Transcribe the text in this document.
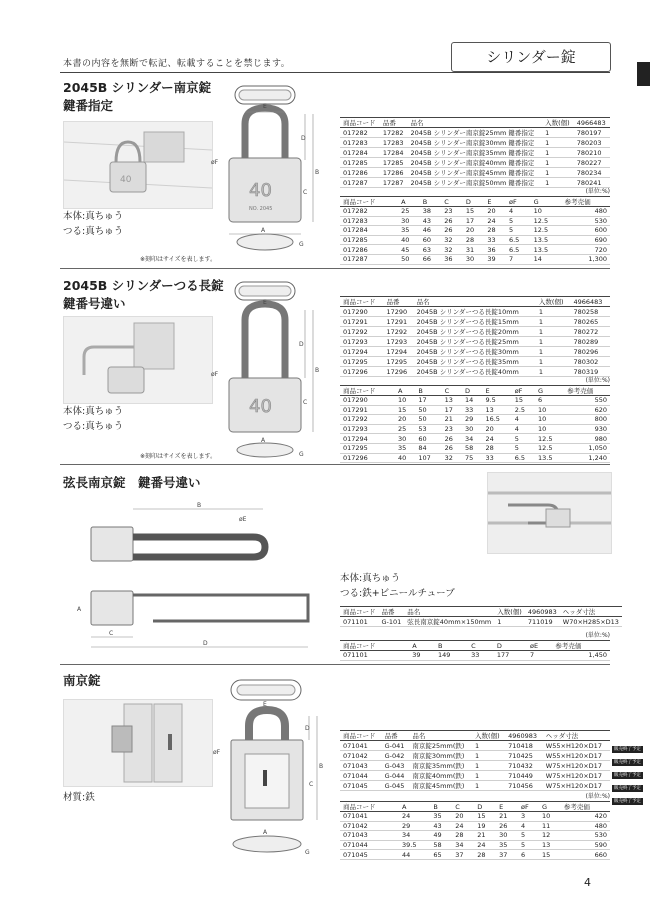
本書の内容を無断で転記、転載することを禁じます。	シリンダー錠
2045B シリンダー南京錠
鍵番指定
40
本体:真ちゅう
つる:真ちゅう
※刻印はサイズを表します。
40
NO. 2045
E
D
B
C
A
øF
G
商品コード	品番	品名	入数(個)	4966483
017282	17282	2045B シリンダー南京錠25mm 鍵番指定	1	780197
017283	17283	2045B シリンダー南京錠30mm 鍵番指定	1	780203
017284	17284	2045B シリンダー南京錠35mm 鍵番指定	1	780210
017285	17285	2045B シリンダー南京錠40mm 鍵番指定	1	780227
017286	17286	2045B シリンダー南京錠45mm 鍵番指定	1	780234
017287	17287	2045B シリンダー南京錠50mm 鍵番指定	1	780241
(単位:%)
商品コード	A	B	C	D	E	øF	G	参考売価
017282	25	38	23	15	20	4	10	480
017283	30	43	26	17	24	5	12.5	530
017284	35	46	26	20	28	5	12.5	600
017285	40	60	32	28	33	6.5	13.5	690
017286	45	63	32	31	36	6.5	13.5	720
017287	50	66	36	30	39	7	14	1,300
2045B シリンダーつる長錠
鍵番号違い
本体:真ちゅう
つる:真ちゅう
※刻印はサイズを表します。
40
E
D
B
C
øF
A
G
商品コード	品番	品名	入数(個)	4966483
017290	17290	2045B シリンダーつる長錠10mm	1	780258
017291	17291	2045B シリンダーつる長錠15mm	1	780265
017292	17292	2045B シリンダーつる長錠20mm	1	780272
017293	17293	2045B シリンダーつる長錠25mm	1	780289
017294	17294	2045B シリンダーつる長錠30mm	1	780296
017295	17295	2045B シリンダーつる長錠35mm	1	780302
017296	17296	2045B シリンダーつる長錠40mm	1	780319
(単位:%)
商品コード	A	B	C	D	E	øF	G	参考売価
017290	10	17	13	14	9.5	15	6	550
017291	15	50	17	33	13	2.5	10	620
017292	20	50	21	29	16.5	4	10	800
017293	25	53	23	30	20	4	10	930
017294	30	60	26	34	24	5	12.5	980
017295	35	84	26	58	28	5	12.5	1,050
017296	40	107	32	75	33	6.5	13.5	1,240
弦長南京錠　鍵番号違い
B
øE
C
D
A
本体:真ちゅう
つる:鉄+ビニールチューブ
商品コード	品番	品名	入数(個)	4960983	ヘッダ寸法
071101	G-101	弦長南京錠40mm×150mm	1	711019	W70×H285×D13
(単位:%)
商品コード	A	B	C	D	øE	参考売価
071101	39	149	33	177	7	1,450
南京錠
材質:鉄
E
D
B
C
øF
A
G
商品コード	品番	品名	入数(個)	4960983	ヘッダ寸法
071041	G-041	南京錠25mm(鉄)	1	710418	W55×H120×D17
071042	G-042	南京錠30mm(鉄)	1	710425	W55×H120×D17
071043	G-043	南京錠35mm(鉄)	1	710432	W75×H120×D17
071044	G-044	南京錠40mm(鉄)	1	710449	W75×H120×D17
071045	G-045	南京錠45mm(鉄)	1	710456	W75×H120×D17
販売終了予定
販売終了予定
販売終了予定
販売終了予定
販売終了予定
(単位:%)
商品コード	A	B	C	D	E	øF	G	参考売価
071041	24	35	20	15	21	3	10	420
071042	29	43	24	19	26	4	11	480
071043	34	49	28	21	30	5	12	530
071044	39.5	58	34	24	35	5	13	590
071045	44	65	37	28	37	6	15	660
4
